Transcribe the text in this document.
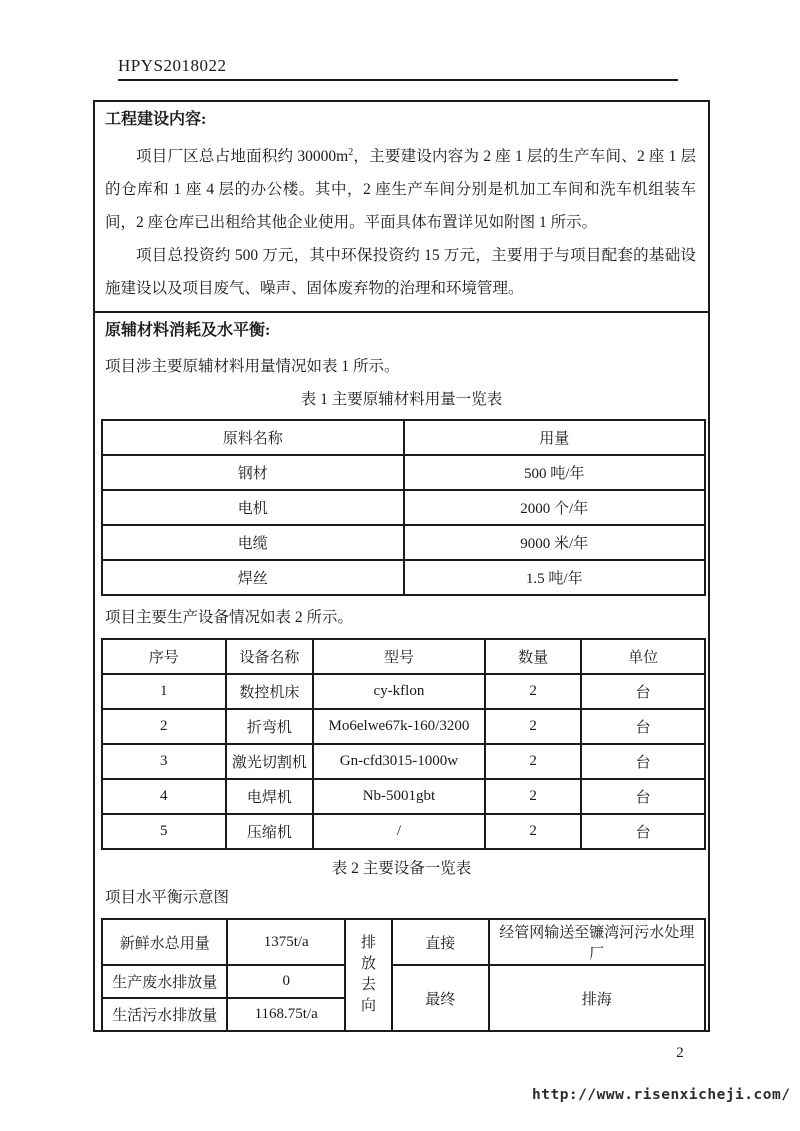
HPYS2018022
工程建设内容:

项目厂区总占地面积约 $30000m^2$，主要建设内容为 2 座 1 层的生产车间、2 座 1 层的仓库和 1 座 4 层的办公楼。其中，2 座生产车间分别是机加工车间和洗车机组装车间，2 座仓库已出租给其他企业使用。平面具体布置详见如附图 1 所示。

项目总投资约 500 万元，其中环保投资约 15 万元，主要用于与项目配套的基础设施建设以及项目废气、噪声、固体废弃物的治理和环境管理。

原辅材料消耗及水平衡:
项目涉主要原辅材料用量情况如表 1 所示。
表 1 主要原辅材料用量一览表
原料名称	用量
钢材	500 吨/年
电机	2000 个/年
电缆	9000 米/年
焊丝	1.5 吨/年
项目主要生产设备情况如表 2 所示。
序号	设备名称	型号	数量	单位
1	数控机床	cy-kflon	2	台
2	折弯机	Mo6elwe67k-160/3200	2	台
3	激光切割机	Gn-cfd3015-1000w	2	台
4	电焊机	Nb-5001gbt	2	台
5	压缩机	/	2	台
表 2 主要设备一览表
项目水平衡示意图
新鲜水总用量	1375t/a	排放去向	直接	经管网输送至镰湾河污水处理厂
生产废水排放量	0		最终	排海
生活污水排放量	1168.75t/a			
2
http://www.risenxicheji.com/
